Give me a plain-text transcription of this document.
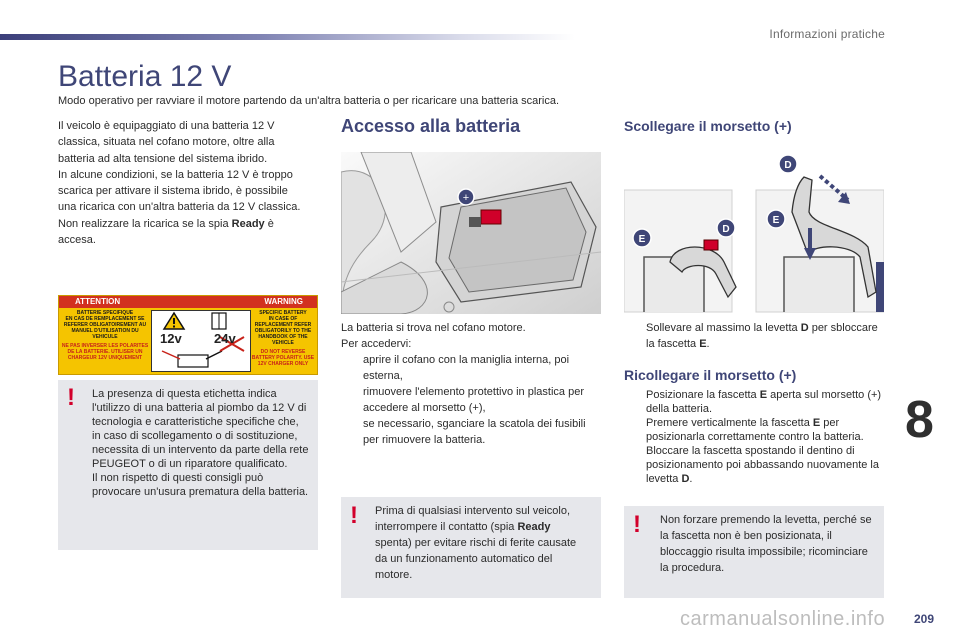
Informazioni pratiche
Batteria 12 V
Modo operativo per ravviare il motore partendo da un'altra batteria o per ricaricare una batteria scarica.

Il veicolo è equipaggiato di una batteria 12 V classica, situata nel cofano motore, oltre alla batteria ad alta tensione del sistema ibrido.

In alcune condizioni, se la batteria 12 V è troppo scarica per attivare il sistema ibrido, è possibile una ricarica con un'altra batteria da 12 V classica.

Non realizzare la ricarica se la spia Ready è accesa.

ATTENTION	WARNING
BATTERIE SPECIFIQUE
EN CAS DE REMPLACEMENT SE REFERER OBLIGATOIREMENT AU MANUEL D'UTILISATION DU VEHICULE
NE PAS INVERSER LES POLARITES DE LA BATTERIE. UTILISER UN CHARGEUR 12V UNIQUEMENT
12v 24v
SPECIFIC BATTERY
IN CASE OF REPLACEMENT REFER OBLIGATORILY TO THE HANDBOOK OF THE VEHICLE
DO NOT REVERSE BATTERY POLARITY. USE 12V CHARGER ONLY
! La presenza di questa etichetta indica l'utilizzo di una batteria al piombo da 12 V di tecnologia e caratteristiche specifiche che, in caso di scollegamento o di sostituzione, necessita di un intervento da parte della rete PEUGEOT o di un riparatore qualificato.

Il non rispetto di questi consigli può provocare un'usura prematura della batteria.

Accesso alla batteria
+

La batteria si trova nel cofano motore.

Per accedervi:

aprire il cofano con la maniglia interna, poi esterna,

rimuovere l'elemento protettivo in plastica per accedere al morsetto (+),

se necessario, sganciare la scatola dei fusibili per rimuovere la batteria.

! Prima di qualsiasi intervento sul veicolo, interrompere il contatto (spia Ready spenta) per evitare rischi di ferite causate da un funzionamento automatico del motore.
Scollegare il morsetto (+)
E
D
D
E

Sollevare al massimo la levetta D per sbloccare la fascetta E.

Ricollegare il morsetto (+)

Posizionare la fascetta E aperta sul morsetto (+) della batteria.

Premere verticalmente la fascetta E per posizionarla correttamente contro la batteria.

Bloccare la fascetta spostando il dentino di posizionamento poi abbassando nuovamente la levetta D.

! Non forzare premendo la levetta, perché se la fascetta non è ben posizionata, il bloccaggio risulta impossibile; ricominciare la procedura.
8
carmanualsonline.info 209
